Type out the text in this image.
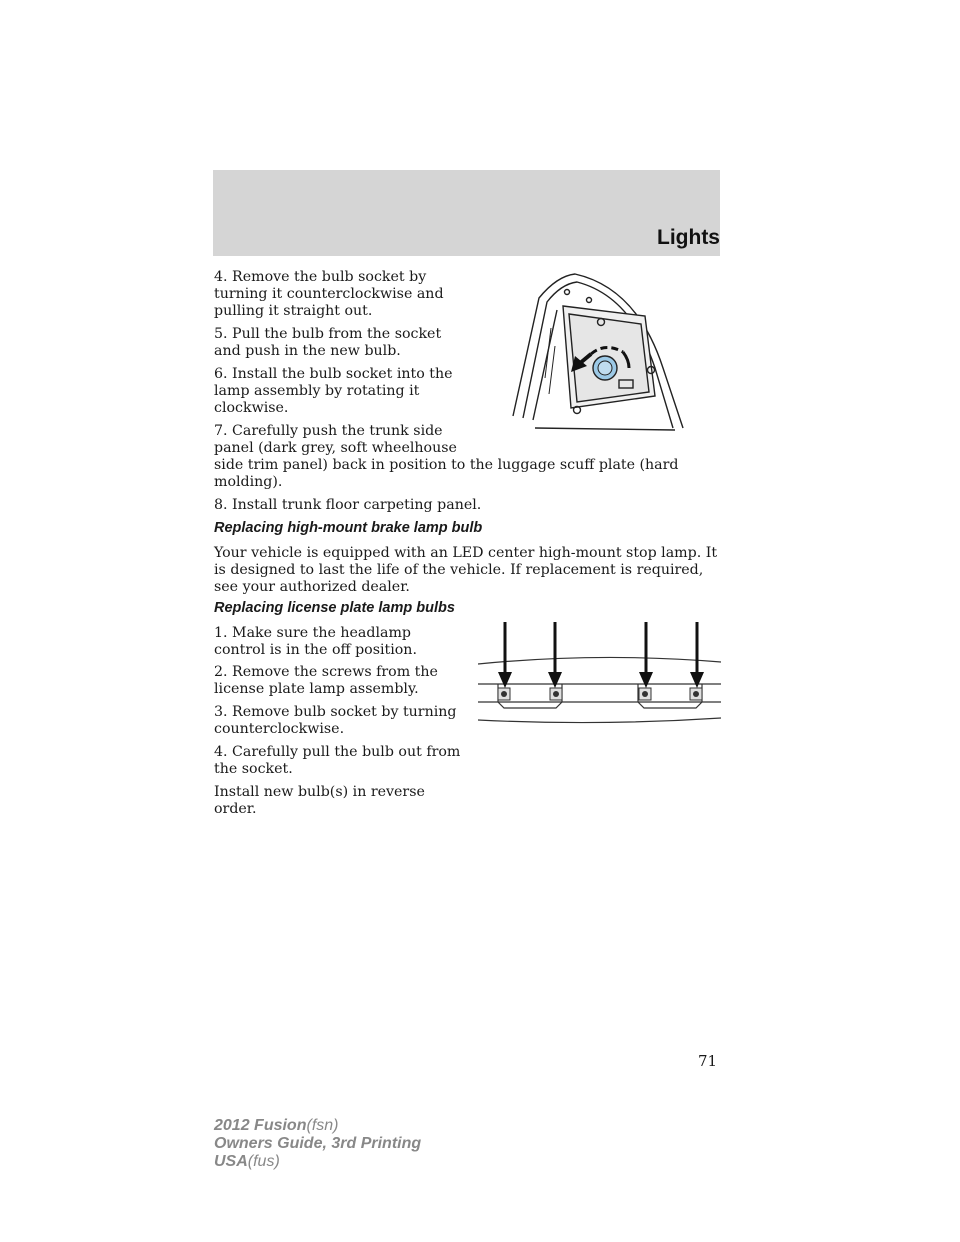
Lights

4. Remove the bulb socket by turning it counterclockwise and pulling it straight out.

5. Pull the bulb from the socket and push in the new bulb.

6. Install the bulb socket into the lamp assembly by rotating it clockwise.

7. Carefully push the trunk side panel (dark grey, soft wheelhouse

side trim panel) back in position to the luggage scuff plate (hard molding).

8. Install trunk floor carpeting panel.

Replacing high-mount brake lamp bulb

Your vehicle is equipped with an LED center high-mount stop lamp. It is designed to last the life of the vehicle. If replacement is required, see your authorized dealer.

Replacing license plate lamp bulbs

1. Make sure the headlamp control is in the off position.

2. Remove the screws from the license plate lamp assembly.

3. Remove bulb socket by turning counterclockwise.

4. Carefully pull the bulb out from the socket.

Install new bulb(s) in reverse order.

71
2012 Fusion(fsn)
Owners Guide, 3rd Printing
USA(fus)
